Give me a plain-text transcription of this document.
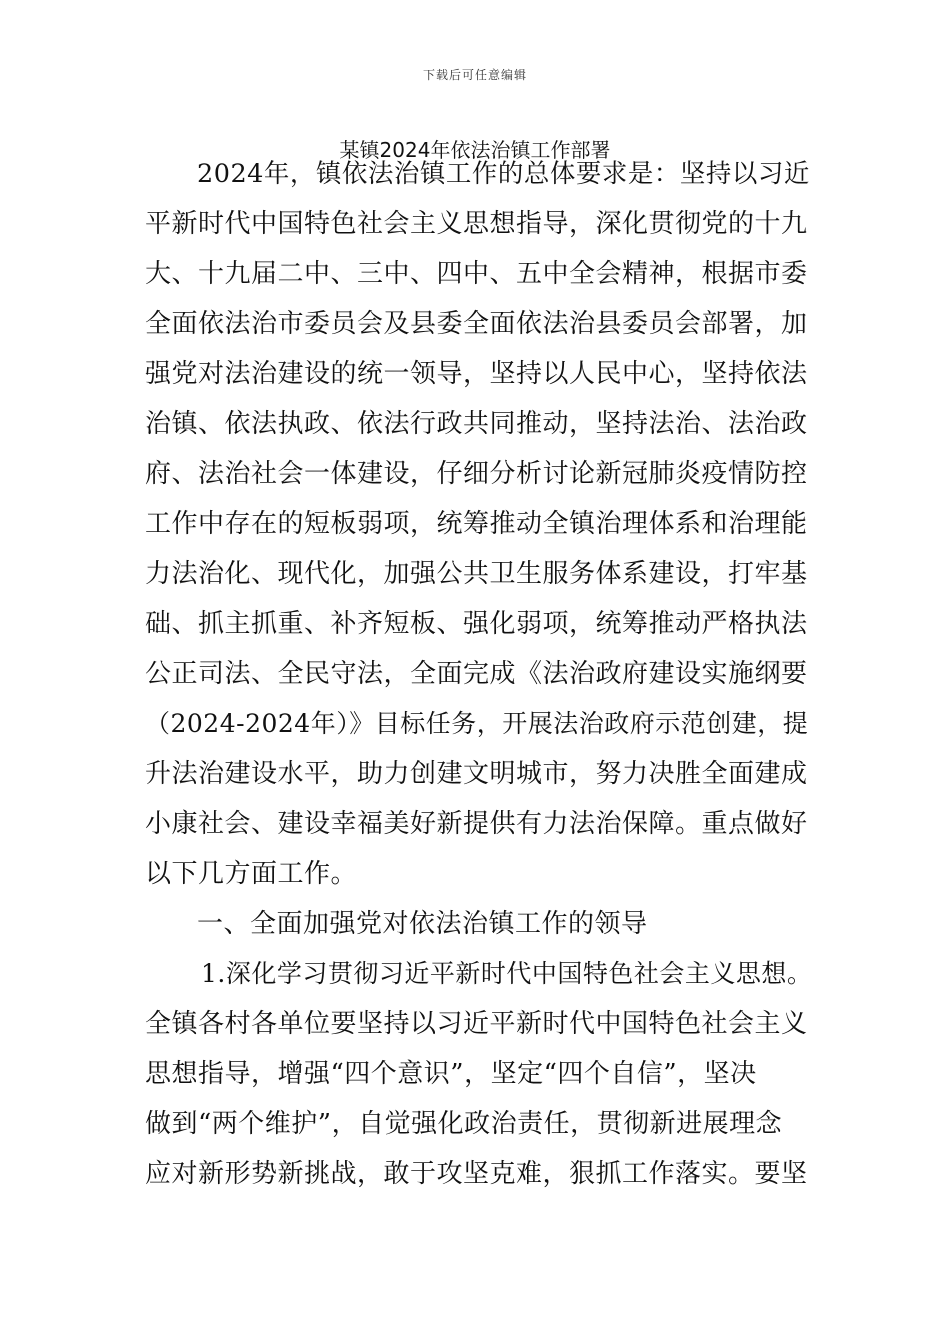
下载后可任意编辑
某镇2024年依法治镇工作部署
2024年，镇依法治镇工作的总体要求是：坚持以习近
平新时代中国特色社会主义思想指导，深化贯彻党的十九
大、十九届二中、三中、四中、五中全会精神，根据市委
全面依法治市委员会及县委全面依法治县委员会部署，加
强党对法治建设的统一领导，坚持以人民中心，坚持依法
治镇、依法执政、依法行政共同推动，坚持法治、法治政
府、法治社会一体建设，仔细分析讨论新冠肺炎疫情防控
工作中存在的短板弱项，统筹推动全镇治理体系和治理能
力法治化、现代化，加强公共卫生服务体系建设，打牢基
础、抓主抓重、补齐短板、强化弱项，统筹推动严格执法
公正司法、全民守法，全面完成《法治政府建设实施纲要
（2024-2024年）》目标任务，开展法治政府示范创建，提
升法治建设水平，助力创建文明城市，努力决胜全面建成
小康社会、建设幸福美好新提供有力法治保障。重点做好
以下几方面工作。
一、全面加强党对依法治镇工作的领导
1.深化学习贯彻习近平新时代中国特色社会主义思想。
全镇各村各单位要坚持以习近平新时代中国特色社会主义
思想指导，增强“四个意识”，坚定“四个自信”，坚决
做到“两个维护”，自觉强化政治责任，贯彻新进展理念
应对新形势新挑战，敢于攻坚克难，狠抓工作落实。要坚
